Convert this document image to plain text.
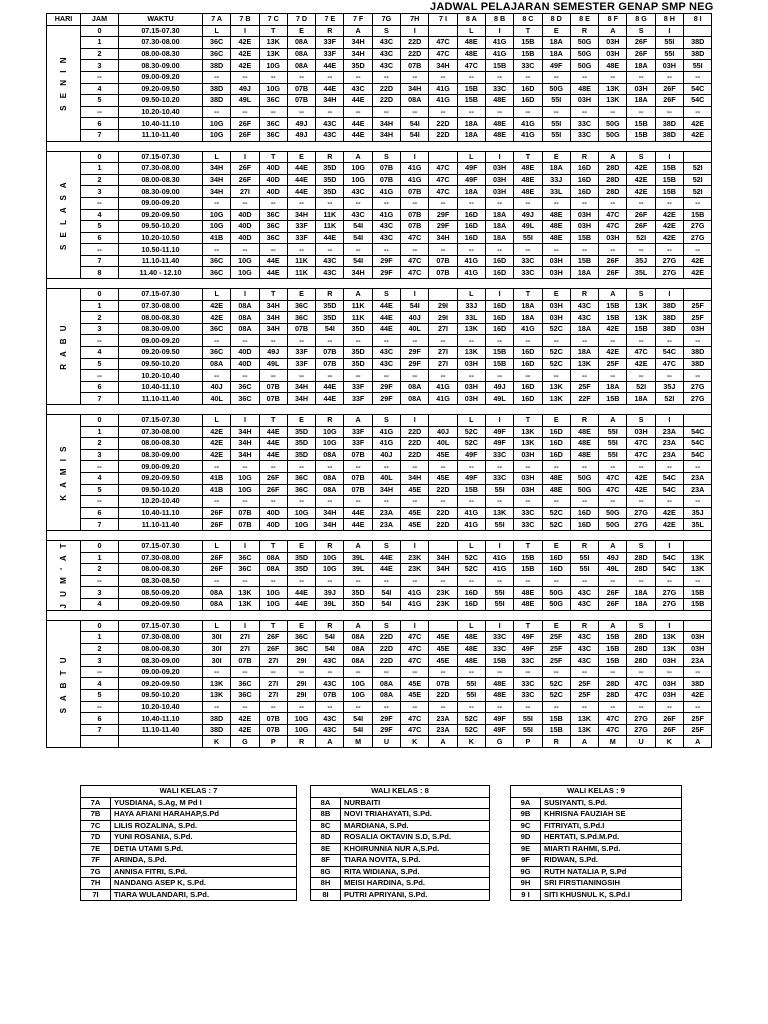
JADWAL PELAJARAN SEMESTER GENAP SMP NEG
HARI	JAM	WAKTU	7 A	7 B	7 C	7 D	7 E	7 F	7G	7H	7 I	8 A	8 B	8 C	8 D	8 E	8 F	8 G	8 H	8 I

S E N I N	0	07.15-07.30	L	I	T	E	R	A	S	I		L	I	T	E	R	A	S	I	
	1	07.30-08.00	36C	42E	13K	08A	33F	34H	43C	22D	47C	48E	41G	15B	18A	50G	03H	26F	55I	38D
	2	08.00-08.30	36C	42E	13K	08A	33F	34H	43C	22D	47C	48E	41G	15B	18A	50G	03H	26F	55I	38D
	3	08.30-09.00	38D	42E	10G	08A	44E	35D	43C	07B	34H	47C	15B	33C	49F	50G	48E	18A	03H	55I
	--	09.00-09.20	--	--	--	--	--	--	--	--	--	--	--	--	--	--	--	--	--	--
	4	09.20-09.50	38D	49J	10G	07B	44E	43C	22D	34H	41G	15B	33C	16D	50G	48E	13K	03H	26F	54C
	5	09.50-10.20	38D	49L	36C	07B	34H	44E	22D	08A	41G	15B	48E	16D	55I	03H	13K	18A	26F	54C
	--	10.20-10.40	--	--	--	--	--	--	--	--	--	--	--	--	--	--	--	--	--	--
	6	10.40-11.10	10G	26F	36C	49J	43C	44E	34H	54I	22D	18A	48E	41G	55I	33C	50G	15B	38D	42E
	7	11.10-11.40	10G	26F	36C	49J	43C	44E	34H	54I	22D	18A	48E	41G	55I	33C	50G	15B	38D	42E

S E L A S A	0	07.15-07.30	L	I	T	E	R	A	S	I		L	I	T	E	R	A	S	I	
	1	07.30-08.00	34H	26F	40D	44E	35D	10G	07B	41G	47C	49F	03H	48E	18A	16D	28D	42E	15B	52I
	2	08.00-08.30	34H	26F	40D	44E	35D	10G	07B	41G	47C	49F	03H	48E	33J	16D	28D	42E	15B	52I
	3	08.30-09.00	34H	27I	40D	44E	35D	43C	41G	07B	47C	18A	03H	48E	33L	16D	28D	42E	15B	52I
	--	09.00-09.20	--	--	--	--	--	--	--	--	--	--	--	--	--	--	--	--	--	--
	4	09.20-09.50	10G	40D	36C	34H	11K	43C	41G	07B	29F	16D	18A	49J	48E	03H	47C	26F	42E	15B
	5	09.50-10.20	10G	40D	36C	33F	11K	54I	43C	07B	29F	16D	18A	49L	48E	03H	47C	26F	42E	27G
	6	10.20-10.50	41B	40D	36C	33F	44E	54I	43C	47C	34H	16D	18A	55I	48E	15B	03H	52I	42E	27G
	--	10.50-11.10	--	--	--	--	--	--	--	--	--	--	--	--	--	--	--	--	--	--
	7	11.10-11.40	36C	10G	44E	11K	43C	54I	29F	47C	07B	41G	16D	33C	03H	15B	26F	35J	27G	42E
	8	11.40 - 12.10	36C	10G	44E	11K	43C	34H	29F	47C	07B	41G	16D	33C	03H	18A	26F	35L	27G	42E

R A B U	0	07.15-07.30	L	I	T	E	R	A	S	I		L	I	T	E	R	A	S	I	
	1	07.30-08.00	42E	08A	34H	36C	35D	11K	44E	54I	29I	33J	16D	18A	03H	43C	15B	13K	38D	25F
	2	08.00-08.30	42E	08A	34H	36C	35D	11K	44E	40J	29I	33L	16D	18A	03H	43C	15B	13K	38D	25F
	3	08.30-09.00	36C	08A	34H	07B	54I	35D	44E	40L	27I	13K	16D	41G	52C	18A	42E	15B	38D	03H
	--	09.00-09.20	--	--	--	--	--	--	--	--	--	--	--	--	--	--	--	--	--	--
	4	09.20-09.50	36C	40D	49J	33F	07B	35D	43C	29F	27I	13K	15B	16D	52C	18A	42E	47C	54C	38D
	5	09.50-10.20	08A	40D	49L	33F	07B	35D	43C	29F	27I	03H	15B	16D	52C	13K	25F	42E	47C	38D
	--	10.20-10.40	--	--	--	--	--	--	--	--	--	--	--	--	--	--	--	--	--	--
	6	10.40-11.10	40J	36C	07B	34H	44E	33F	29F	08A	41G	03H	49J	16D	13K	25F	18A	52I	35J	27G
	7	11.10-11.40	40L	36C	07B	34H	44E	33F	29F	08A	41G	03H	49L	16D	13K	22F	15B	18A	52I	27G

K A M I S	0	07.15-07.30	L	I	T	E	R	A	S	I		L	I	T	E	R	A	S	I	
	1	07.30-08.00	42E	34H	44E	35D	10G	33F	41G	22D	40J	52C	49F	13K	16D	48E	55I	03H	23A	54C
	2	08.00-08.30	42E	34H	44E	35D	10G	33F	41G	22D	40L	52C	49F	13K	16D	48E	55I	47C	23A	54C
	3	08.30-09.00	42E	34H	44E	35D	08A	07B	40J	22D	45E	49F	33C	03H	16D	48E	55I	47C	23A	54C
	--	09.00-09.20	--	--	--	--	--	--	--	--	--	--	--	--	--	--	--	--	--	--
	4	09.20-09.50	41B	10G	26F	36C	08A	07B	40L	34H	45E	49F	33C	03H	48E	50G	47C	42E	54C	23A
	5	09.50-10.20	41B	10G	26F	36C	08A	07B	34H	45E	22D	15B	55I	03H	48E	50G	47C	42E	54C	23A
	--	10.20-10.40	--	--	--	--	--	--	--	--	--	--	--	--	--	--	--	--	--	--
	6	10.40-11.10	26F	07B	40D	10G	34H	44E	23A	45E	22D	41G	13K	33C	52C	16D	50G	27G	42E	35J
	7	11.10-11.40	26F	07B	40D	10G	34H	44E	23A	45E	22D	41G	55I	33C	52C	16D	50G	27G	42E	35L

J U M ' A T	0	07.15-07.30	L	I	T	E	R	A	S	I		L	I	T	E	R	A	S	I	
	1	07.30-08.00	26F	36C	08A	35D	10G	39L	44E	23K	34H	52C	41G	15B	16D	55I	49J	28D	54C	13K
	2	08.00-08.30	26F	36C	08A	35D	10G	39L	44E	23K	34H	52C	41G	15B	16D	55I	49L	28D	54C	13K
	--	08.30-08.50	--	--	--	--	--	--	--	--	--	--	--	--	--	--	--	--	--	--
	3	08.50-09.20	08A	13K	10G	44E	39J	35D	54I	41G	23K	16D	55I	48E	50G	43C	26F	18A	27G	15B
	4	09.20-09.50	08A	13K	10G	44E	39L	35D	54I	41G	23K	16D	55I	48E	50G	43C	26F	18A	27G	15B

S A B T U	0	07.15-07.30	L	I	T	E	R	A	S	I		L	I	T	E	R	A	S	I	
	1	07.30-08.00	30I	27I	26F	36C	54I	08A	22D	47C	45E	48E	33C	49F	25F	43C	15B	28D	13K	03H
	2	08.00-08.30	30I	27I	26F	36C	54I	08A	22D	47C	45E	48E	33C	49F	25F	43C	15B	28D	13K	03H
	3	08.30-09.00	30I	07B	27I	29I	43C	08A	22D	47C	45E	48E	15B	33C	25F	43C	15B	28D	03H	23A
	--	09.00-09.20	--	--	--	--	--	--	--	--	--	--	--	--	--	--	--	--	--	--
	4	09.20-09.50	13K	36C	27I	29I	43C	10G	08A	45E	07B	55I	48E	33C	52C	25F	28D	47C	03H	38D
	5	09.50-10.20	13K	36C	27I	29I	07B	10G	08A	45E	22D	55I	48E	33C	52C	25F	28D	47C	03H	42E
	--	10.20-10.40	--	--	--	--	--	--	--	--	--	--	--	--	--	--	--	--	--	--
	6	10.40-11.10	38D	42E	07B	10G	43C	54I	29F	47C	23A	52C	49F	55I	15B	13K	47C	27G	26F	25F
	7	11.10-11.40	38D	42E	07B	10G	43C	54I	29F	47C	23A	52C	49F	55I	15B	13K	47C	27G	26F	25F
			K	G	P	R	A	M	U	K	A	K	G	P	R	A	M	U	K	A
WALI KELAS : 7	
7A	YUSDIANA, S.Ag, M Pd I
7B	HAYA AFIANI HARAHAP,S.Pd
7C	LILIS ROZALINA, S.Pd.
7D	YUNI ROSANIA, S.Pd.
7E	DETIA UTAMI S.Pd.
7F	ARINDA, S.Pd.
7G	ANNISA FITRI, S.Pd.
7H	NANDANG ASEP K, S.Pd.
7I	TIARA WULANDARI, S.Pd.
WALI KELAS : 8	
8A	NURBAITI
8B	NOVI TRIAHAYATI, S.Pd.
8C	MARDIANA, S.Pd.
8D	ROSALIA OKTAVIN S.D, S.Pd.
8E	KHOIRUNNIA NUR A,S.Pd.
8F	TIARA NOVITA, S.Pd.
8G	RITA WIDIANA, S.Pd.
8H	MEISI HARDINA, S.Pd.
8I	PUTRI APRIYANI, S.Pd.
WALI KELAS : 9	
9A	SUSIYANTI, S.Pd.
9B	KHRISNA FAUZIAH SE
9C	FITRIYATI, S.Pd.I
9D	HERTATI, S.Pd.M.Pd.
9E	MIARTI RAHMI, S.Pd.
9F	RIDWAN, S.Pd.
9G	RUTH NATALIA P, S.Pd
9H	SRI FIRSTIANINGSIH
9 I	SITI KHUSNUL K, S.Pd.I
